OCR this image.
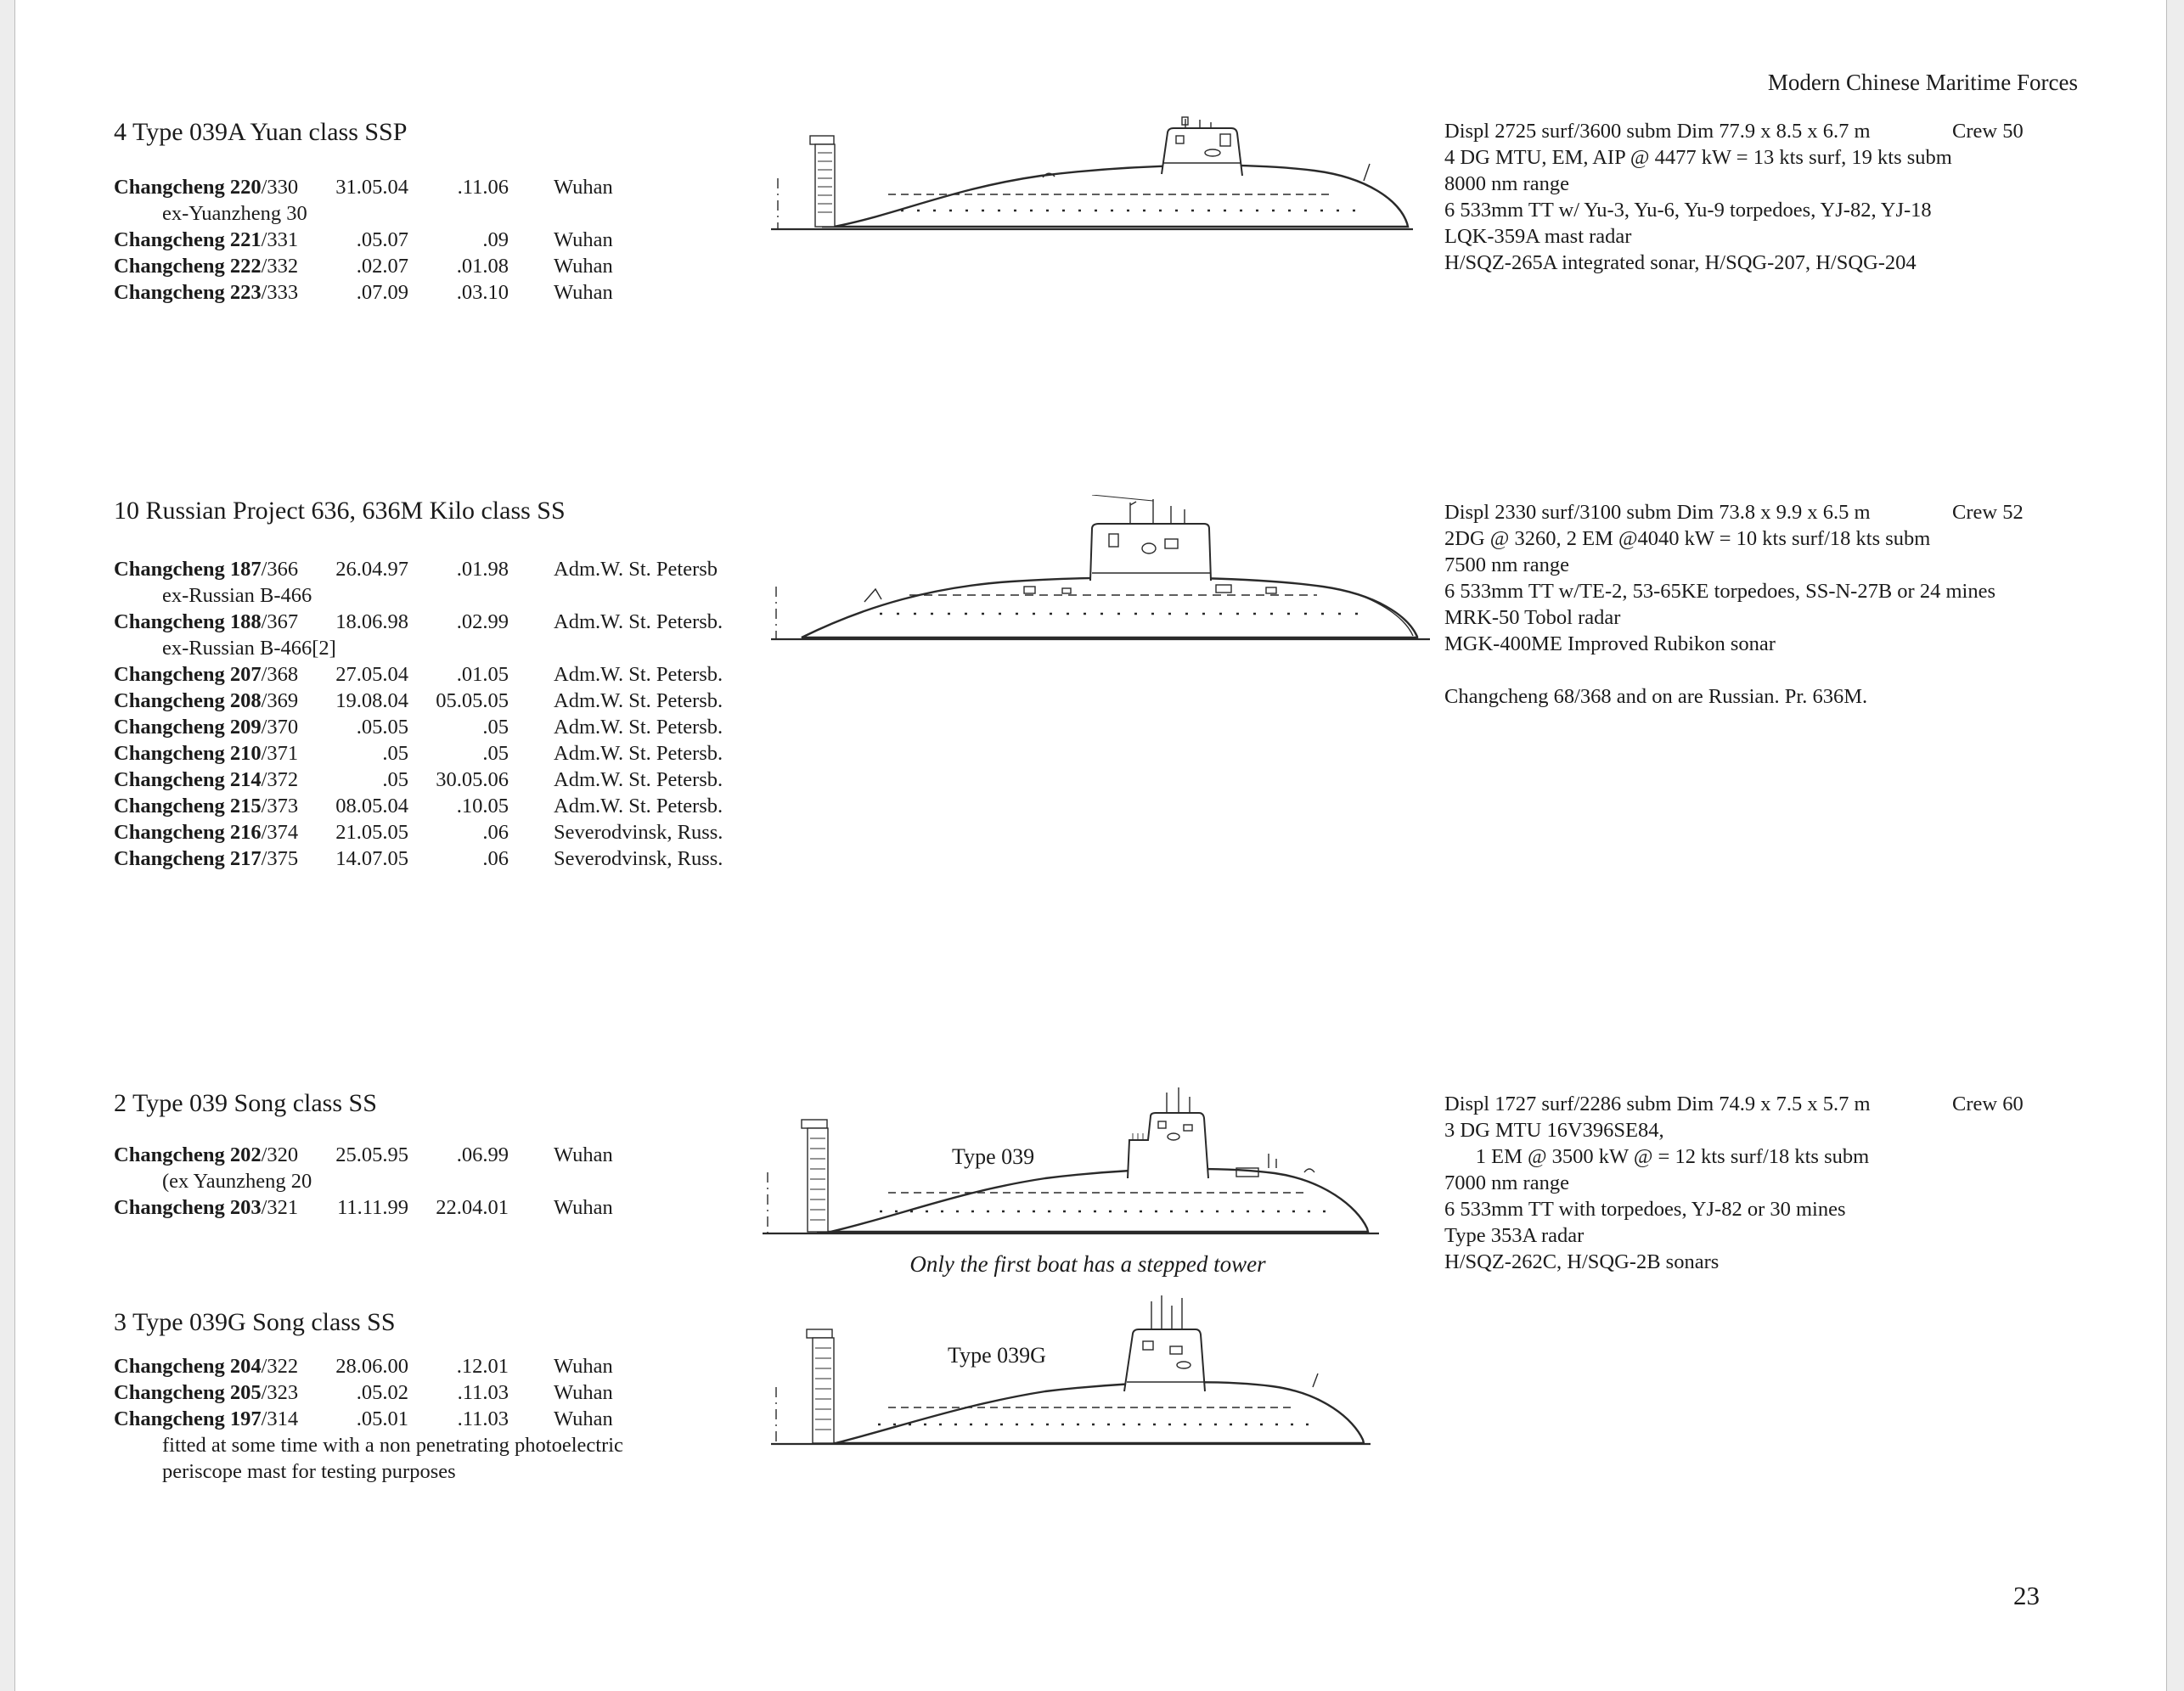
Modern Chinese Maritime Forces
4 Type 039A Yuan class SSP
Changcheng 220/330	31.05.04	.11.06	Wuhan
ex-Yuanzheng 30
Changcheng 221/331	.05.07	.09	Wuhan
Changcheng 222/332	.02.07	.01.08	Wuhan
Changcheng 223/333	.07.09	.03.10	Wuhan
Displ 2725 surf/3600 subm Dim 77.9 x 8.5 x 6.7 m	Crew 50
4 DG MTU, EM, AIP @ 4477 kW = 13 kts surf, 19 kts subm
8000 nm range
6 533mm TT w/ Yu-3, Yu-6, Yu-9 torpedoes, YJ-82, YJ-18
LQK-359A mast radar
H/SQZ-265A integrated sonar, H/SQG-207, H/SQG-204
10 Russian Project 636, 636M Kilo class SS
Changcheng 187/366	26.04.97	.01.98	Adm.W. St. Petersb
ex-Russian B-466
Changcheng 188/367	18.06.98	.02.99	Adm.W. St. Petersb.
ex-Russian B-466[2]
Changcheng 207/368	27.05.04	.01.05	Adm.W. St. Petersb.
Changcheng 208/369	19.08.04	05.05.05	Adm.W. St. Petersb.
Changcheng 209/370	.05.05	.05	Adm.W. St. Petersb.
Changcheng 210/371	.05	.05	Adm.W. St. Petersb.
Changcheng 214/372	.05	30.05.06	Adm.W. St. Petersb.
Changcheng 215/373	08.05.04	.10.05	Adm.W. St. Petersb.
Changcheng 216/374	21.05.05	.06	Severodvinsk, Russ.
Changcheng 217/375	14.07.05	.06	Severodvinsk, Russ.
Displ 2330 surf/3100 subm Dim 73.8 x 9.9 x 6.5 m	Crew 52
2DG @ 3260, 2 EM @4040 kW = 10 kts surf/18 kts subm
7500 nm range
6 533mm TT w/TE-2, 53-65KE torpedoes, SS-N-27B or 24 mines
MRK-50 Tobol radar
MGK-400ME Improved Rubikon sonar

Changcheng 68/368 and on are Russian. Pr. 636M.
2 Type 039 Song class SS
Changcheng 202/320	25.05.95	.06.99	Wuhan
(ex Yaunzheng 20
Changcheng 203/321	11.11.99	22.04.01	Wuhan
Displ 1727 surf/2286 subm Dim 74.9 x 7.5 x 5.7 m	Crew 60
3 DG MTU 16V396SE84,
1 EM @ 3500 kW @ = 12 kts surf/18 kts subm
7000 nm range
6 533mm TT with torpedoes, YJ-82 or 30 mines
Type 353A radar
H/SQZ-262C, H/SQG-2B sonars
Type 039
Only the first boat has a stepped tower
3 Type 039G Song class SS
Changcheng 204/322	28.06.00	.12.01	Wuhan
Changcheng 205/323	.05.02	.11.03	Wuhan
Changcheng 197/314	.05.01	.11.03	Wuhan
fitted at some time with a non penetrating photoelectric
periscope mast for testing purposes
Type 039G
23
